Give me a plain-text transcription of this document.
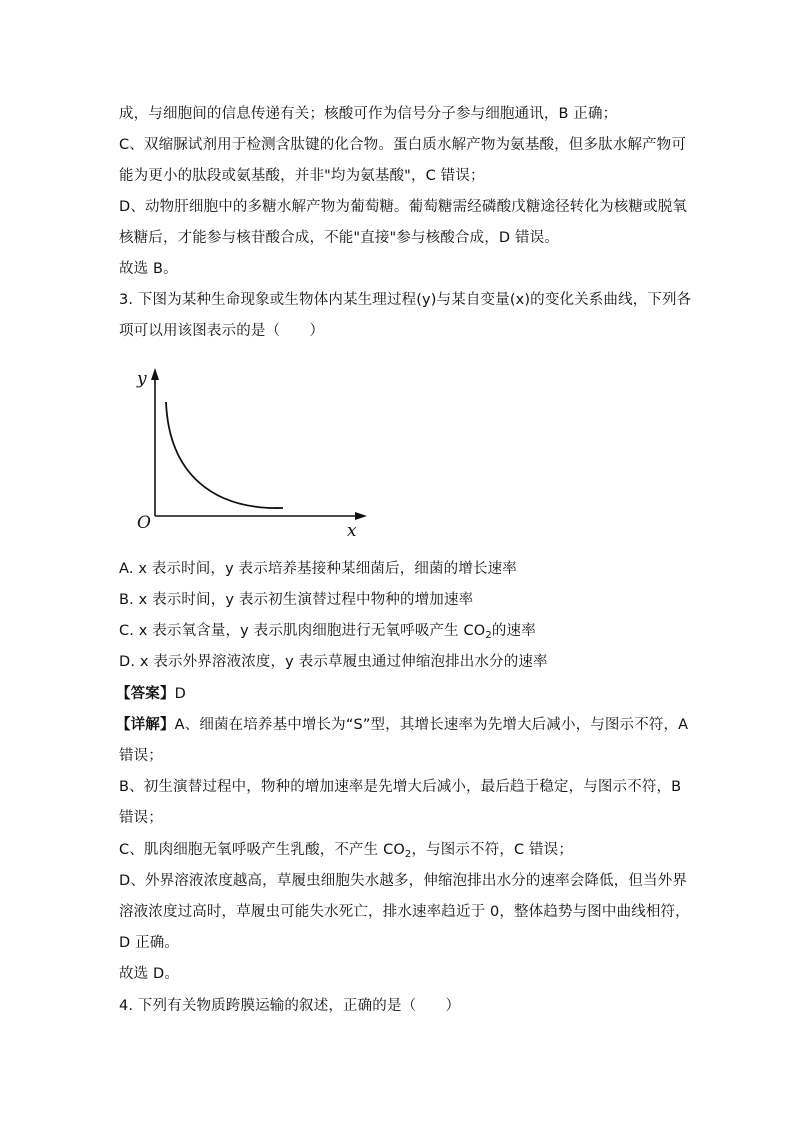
成，与细胞间的信息传递有关；核酸可作为信号分子参与细胞通讯，B 正确；
C、双缩脲试剂用于检测含肽键的化合物。蛋白质水解产物为氨基酸，但多肽水解产物可
能为更小的肽段或氨基酸，并非"均为氨基酸"，C 错误；
D、动物肝细胞中的多糖水解产物为葡萄糖。葡萄糖需经磷酸戊糖途径转化为核糖或脱氧
核糖后，才能参与核苷酸合成，不能"直接"参与核酸合成，D 错误。
故选 B。
3. 下图为某种生命现象或生物体内某生理过程(y)与某自变量(x)的变化关系曲线，下列各
项可以用该图表示的是（　　）
y
x
O
A. x 表示时间，y 表示培养基接种某细菌后，细菌的增长速率
B. x 表示时间，y 表示初生演替过程中物种的增加速率
C. x 表示氧含量，y 表示肌肉细胞进行无氧呼吸产生 $CO_2$的速率
D. x 表示外界溶液浓度，y 表示草履虫通过伸缩泡排出水分的速率
【答案】D
【详解】A、细菌在培养基中增长为“S”型，其增长速率为先增大后减小，与图示不符，A
错误；
B、初生演替过程中，物种的增加速率是先增大后减小，最后趋于稳定，与图示不符，B
错误；
C、肌肉细胞无氧呼吸产生乳酸，不产生 $CO_2$，与图示不符，C 错误；
D、外界溶液浓度越高，草履虫细胞失水越多，伸缩泡排出水分的速率会降低，但当外界
溶液浓度过高时，草履虫可能失水死亡，排水速率趋近于 0，整体趋势与图中曲线相符，
D 正确。
故选 D。
4. 下列有关物质跨膜运输的叙述，正确的是（　　）
